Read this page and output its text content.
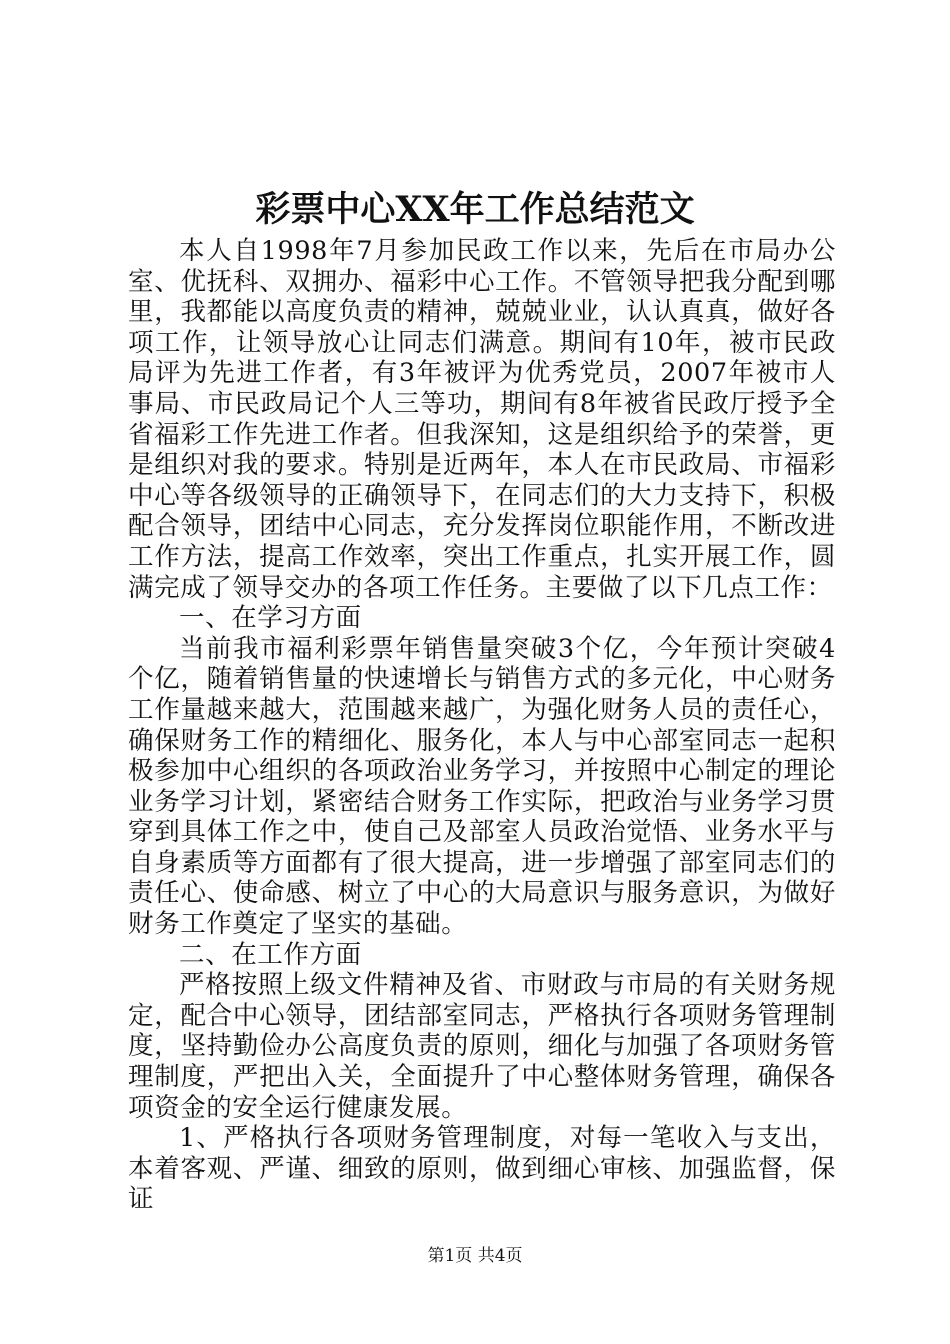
彩票中心XX年工作总结范文

本人自1998年7月参加民政工作以来，先后在市局办公室、优抚科、双拥办、福彩中心工作。不管领导把我分配到哪里，我都能以高度负责的精神，兢兢业业，认认真真，做好各项工作，让领导放心让同志们满意。期间有10年，被市民政局评为先进工作者，有3年被评为优秀党员，2007年被市人事局、市民政局记个人三等功，期间有8年被省民政厅授予全省福彩工作先进工作者。但我深知，这是组织给予的荣誉，更是组织对我的要求。特别是近两年，本人在市民政局、市福彩中心等各级领导的正确领导下，在同志们的大力支持下，积极配合领导，团结中心同志，充分发挥岗位职能作用，不断改进工作方法，提高工作效率，突出工作重点，扎实开展工作，圆满完成了领导交办的各项工作任务。主要做了以下几点工作：

一、在学习方面

当前我市福利彩票年销售量突破3个亿，今年预计突破4个亿，随着销售量的快速增长与销售方式的多元化，中心财务工作量越来越大，范围越来越广，为强化财务人员的责任心，确保财务工作的精细化、服务化，本人与中心部室同志一起积极参加中心组织的各项政治业务学习，并按照中心制定的理论业务学习计划，紧密结合财务工作实际，把政治与业务学习贯穿到具体工作之中，使自己及部室人员政治觉悟、业务水平与自身素质等方面都有了很大提高，进一步增强了部室同志们的责任心、使命感、树立了中心的大局意识与服务意识，为做好财务工作奠定了坚实的基础。

二、在工作方面

严格按照上级文件精神及省、市财政与市局的有关财务规定，配合中心领导，团结部室同志，严格执行各项财务管理制度，坚持勤俭办公高度负责的原则，细化与加强了各项财务管理制度，严把出入关，全面提升了中心整体财务管理，确保各项资金的安全运行健康发展。

1、严格执行各项财务管理制度，对每一笔收入与支出，本着客观、严谨、细致的原则，做到细心审核、加强监督，保证

第1页 共4页
